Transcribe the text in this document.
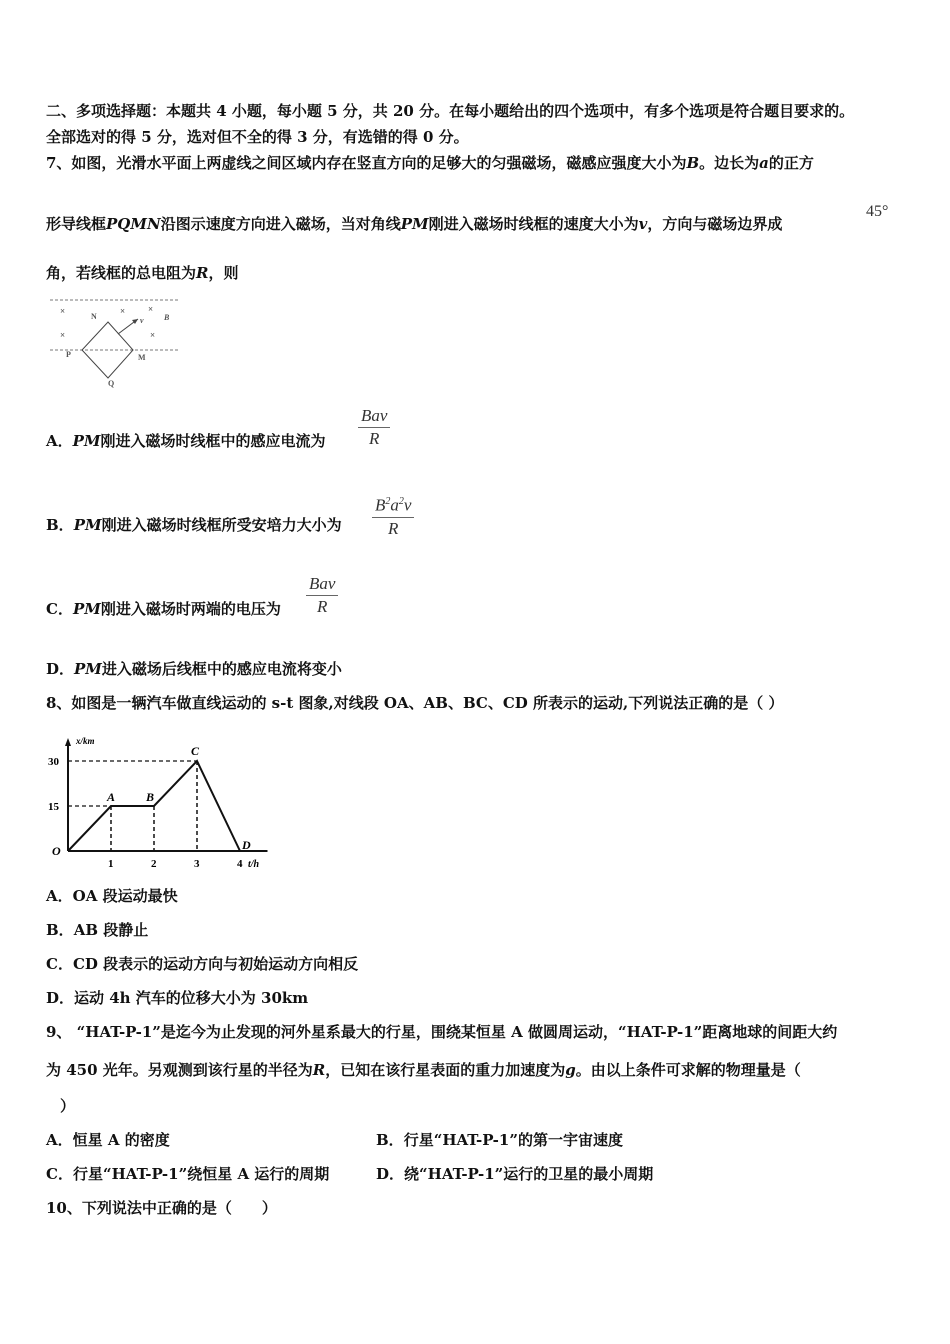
二、多项选择题：本题共 4 小题，每小题 5 分，共 20 分。在每小题给出的四个选项中，有多个选项是符合题目要求的。
全部选对的得 5 分，选对但不全的得 3 分，有选错的得 0 分。
7、如图，光滑水平面上两虚线之间区域内存在竖直方向的足够大的匀强磁场，磁感应强度大小为B。边长为a的正方
形导线框PQMN沿图示速度方向进入磁场，当对角线PM刚进入磁场时线框的速度大小为v，方向与磁场边界成
45°
角，若线框的总电阻为R，则
×
×
×	×
×
N	v	B
P	M
Q
A．PM刚进入磁场时线框中的感应电流为
Bav
R
B．PM刚进入磁场时线框所受安培力大小为 $\frac{B^2a^2v}{R}$
C．PM刚进入磁场时两端的电压为
Bav
R
D．PM进入磁场后线框中的感应电流将变小
8、如图是一辆汽车做直线运动的 s-t 图象,对线段 OA、AB、BC、CD 所表示的运动,下列说法正确的是（ ）
x/km
t/h
O
15
30
1	2	3	4
A	B
C
D
A．OA 段运动最快
B．AB 段静止
C．CD 段表示的运动方向与初始运动方向相反
D．运动 4h 汽车的位移大小为 30km
9、 “HAT-P-1”是迄今为止发现的河外星系最大的行星，围绕某恒星 A 做圆周运动，“HAT-P-1”距离地球的间距大约
为 450 光年。另观测到该行星的半径为R，已知在该行星表面的重力加速度为g。由以上条件可求解的物理量是（
）
A．恒星 A 的密度	B．行星“HAT-P-1”的第一宇宙速度
C．行星“HAT-P-1”绕恒星 A 运行的周期	D．绕“HAT-P-1”运行的卫星的最小周期
10、下列说法中正确的是（　　）
